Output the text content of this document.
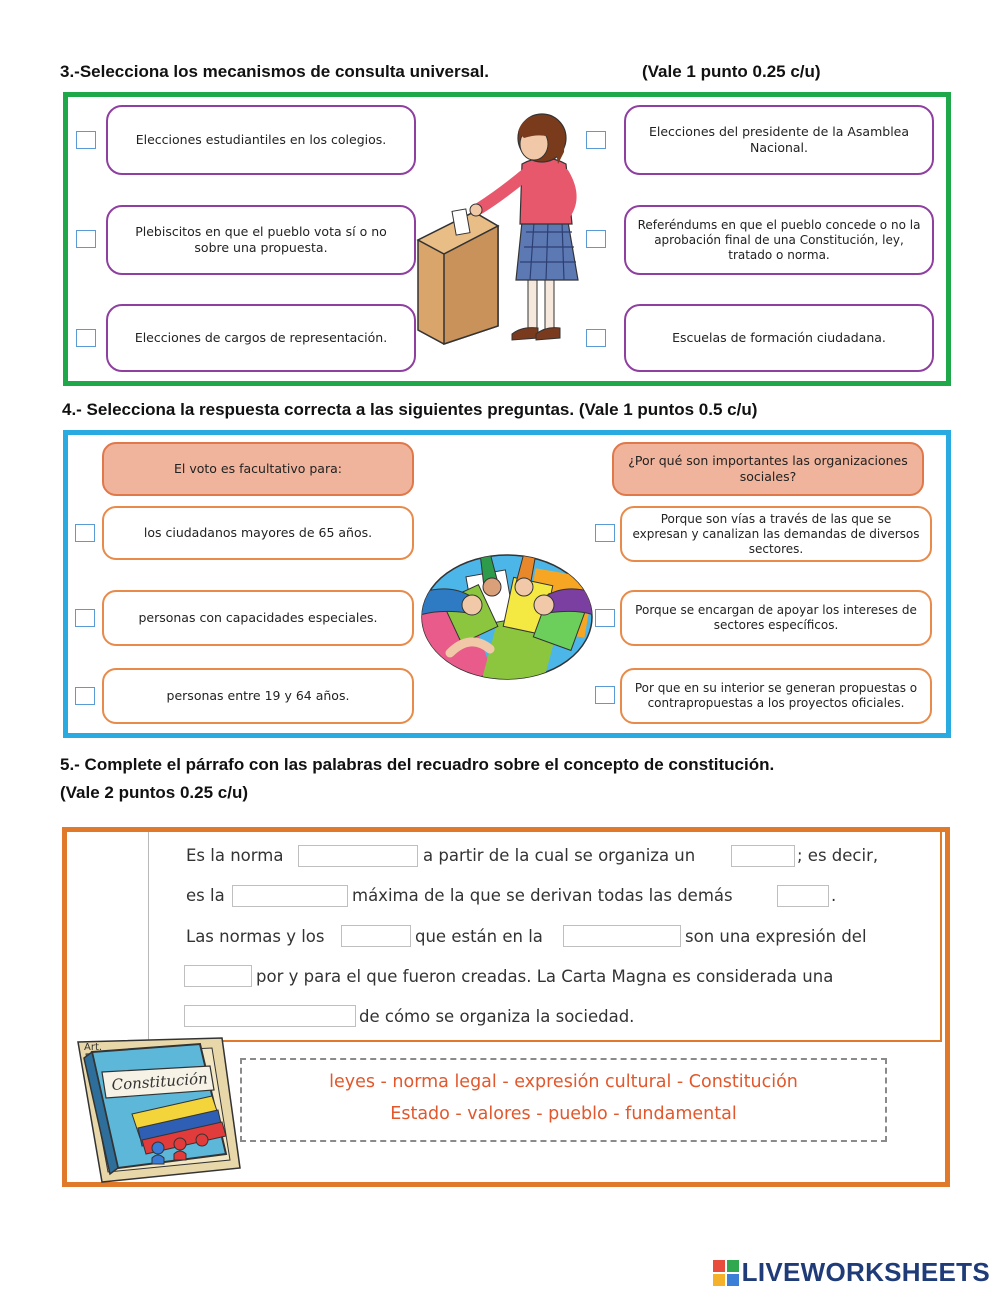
3.-Selecciona los mecanismos de consulta universal.	(Vale 1 punto 0.25 c/u)
Elecciones estudiantiles en los colegios.
Plebiscitos en que el pueblo vota sí o no sobre una propuesta.
Elecciones de cargos de representación.
Elecciones del presidente de la Asamblea Nacional.
Referéndums en que el pueblo concede o no la aprobación final de una Constitución, ley, tratado o norma.
Escuelas de formación ciudadana.
4.- Selecciona la respuesta correcta a las siguientes preguntas. (Vale 1 puntos 0.5 c/u)
El voto es facultativo para:
¿Por qué son importantes las organizaciones sociales?
los ciudadanos mayores de 65 años.
personas con capacidades especiales.
personas entre 19 y 64 años.
Porque son vías a través de las que se expresan y canalizan las demandas de diversos sectores.
Porque se encargan de apoyar los intereses de sectores específicos.
Por que en su interior se generan propuestas o contrapropuestas a los proyectos oficiales.
5.- Complete el párrafo con las palabras del recuadro sobre el concepto de constitución.
(Vale 2 puntos 0.25 c/u)
Es la norma	a partir de la cual se organiza un	; es decir,
es la	máxima de la que se derivan todas las demás	.
Las normas y los	que están en la	son una expresión del
por y para el que fueron creadas. La Carta Magna es considerada una
de cómo se organiza la sociedad.
leyes - norma legal - expresión cultural - Constitución
Estado - valores - pueblo - fundamental
Constitución
Art.
LIVEWORKSHEETS
